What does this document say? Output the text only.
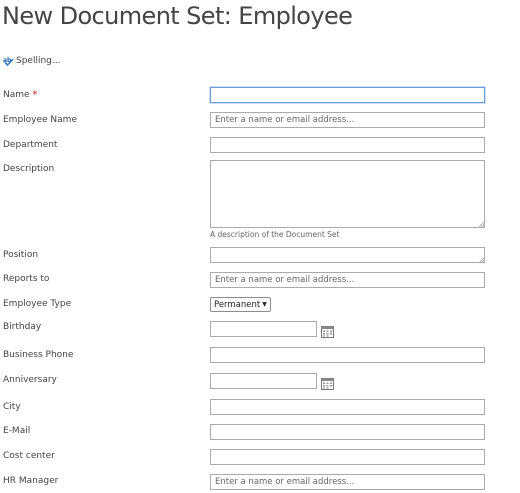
New Document Set: Employee
ab Spelling...
Name *
Employee Name
Enter a name or email address...
Department
Description
A description of the Document Set
Position
Reports to
Enter a name or email address...
Employee Type	Permanent ▼
Birthday
Business Phone
Anniversary
City
E-Mail
Cost center
HR Manager
Enter a name or email address...
